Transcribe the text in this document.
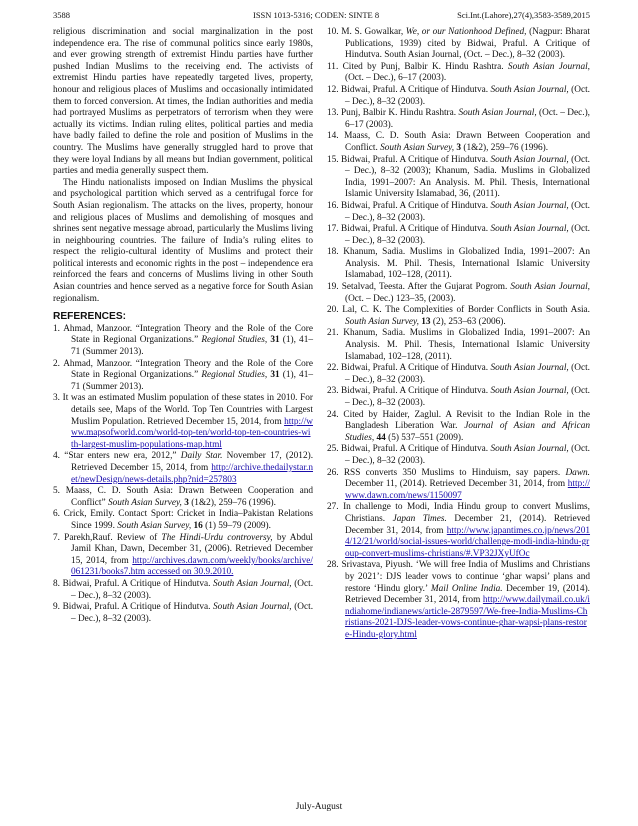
3588	ISSN 1013-5316; CODEN: SINTE 8	Sci.Int.(Lahore),27(4),3583-3589,2015

religious discrimination and social marginalization in the post independence era. The rise of communal politics since early 1980s, and ever growing strength of extremist Hindu parties have further pushed Indian Muslims to the receiving end. The activists of extremist Hindu parties have repeatedly targeted lives, property, honour and religious places of Muslims and occasionally intimidated them to forced conversion. At times, the Indian authorities and media had portrayed Muslims as perpetrators of terrorism when they were actually its victims. Indian ruling elites, political parties and media have badly failed to define the role and position of Muslims in the country. The Muslims have generally struggled hard to prove that they were loyal Indians by all means but Indian government, political parties and media generally suspect them.

The Hindu nationalists imposed on Indian Muslims the physical and psychological partition which served as a centrifugal force for South Asian regionalism. The attacks on the lives, property, honour and religious places of Muslims and demolishing of mosques and shrines sent negative message abroad, particularly the Muslims living in neighbouring countries. The failure of India’s ruling elites to respect the religio-cultural identity of Muslims and protect their political interests and economic rights in the post – independence era reinforced the fears and concerns of Muslims living in other South Asian countries and hence served as a negative force for South Asian regionalism.

REFERENCES:
1. Ahmad, Manzoor. “Integration Theory and the Role of the Core State in Regional Organizations.” Regional Studies, 31 (1), 41–71 (Summer 2013).
2. Ahmad, Manzoor. “Integration Theory and the Role of the Core State in Regional Organizations.” Regional Studies, 31 (1), 41–71 (Summer 2013).
3. It was an estimated Muslim population of these states in 2010. For details see, Maps of the World. Top Ten Countries with Largest Muslim Population. Retrieved December 15, 2014, from http://www.mapsofworld.com/world-top-ten/world-top-ten-countries-with-largest-muslim-populations-map.html
4. “Star enters new era, 2012,” Daily Star. November 17, (2012). Retrieved December 15, 2014, from http://archive.thedailystar.net/newDesign/news-details.php?nid=257803
5. Maass, C. D. South Asia: Drawn Between Cooperation and Conflict” South Asian Survey, 3 (1&2), 259–76 (1996).
6. Crick, Emily. Contact Sport: Cricket in India–Pakistan Relations Since 1999. South Asian Survey, 16 (1) 59–79 (2009).
7. Parekh,Rauf. Review of The Hindi-Urdu controversy, by Abdul Jamil Khan, Dawn, December 31, (2006). Retrieved December 15, 2014, from http://archives.dawn.com/weekly/books/archive/061231/books7.htm accessed on 30.9.2010.
8. Bidwai, Praful. A Critique of Hindutva. South Asian Journal, (Oct. – Dec.), 8–32 (2003).
9. Bidwai, Praful. A Critique of Hindutva. South Asian Journal, (Oct. – Dec.), 8–32 (2003).
10. M. S. Gowalkar, We, or our Nationhood Defined, (Nagpur: Bharat Publications, 1939) cited by Bidwai, Praful. A Critique of Hindutva. South Asian Journal, (Oct. – Dec.), 8–32 (2003).
11. Cited by Punj, Balbir K. Hindu Rashtra. South Asian Journal, (Oct. – Dec.), 6–17 (2003).
12. Bidwai, Praful. A Critique of Hindutva. South Asian Journal, (Oct. – Dec.), 8–32 (2003).
13. Punj, Balbir K. Hindu Rashtra. South Asian Journal, (Oct. – Dec.), 6–17 (2003).
14. Maass, C. D. South Asia: Drawn Between Cooperation and Conflict. South Asian Survey, 3 (1&2), 259–76 (1996).
15. Bidwai, Praful. A Critique of Hindutva. South Asian Journal, (Oct. – Dec.), 8–32 (2003); Khanum, Sadia. Muslims in Globalized India, 1991–2007: An Analysis. M. Phil. Thesis, International Islamic University Islamabad, 36, (2011).
16. Bidwai, Praful. A Critique of Hindutva. South Asian Journal, (Oct. – Dec.), 8–32 (2003).
17. Bidwai, Praful. A Critique of Hindutva. South Asian Journal, (Oct. – Dec.), 8–32 (2003).
18. Khanum, Sadia. Muslims in Globalized India, 1991–2007: An Analysis. M. Phil. Thesis, International Islamic University Islamabad, 102–128, (2011).
19. Setalvad, Teesta. After the Gujarat Pogrom. South Asian Journal, (Oct. – Dec.) 123–35, (2003).
20. Lal, C. K. The Complexities of Border Conflicts in South Asia. South Asian Survey, 13 (2), 253–63 (2006).
21. Khanum, Sadia. Muslims in Globalized India, 1991–2007: An Analysis. M. Phil. Thesis, International Islamic University Islamabad, 102–128, (2011).
22. Bidwai, Praful. A Critique of Hindutva. South Asian Journal, (Oct. – Dec.), 8–32 (2003).
23. Bidwai, Praful. A Critique of Hindutva. South Asian Journal, (Oct. – Dec.), 8–32 (2003).
24. Cited by Haider, Zaglul. A Revisit to the Indian Role in the Bangladesh Liberation War. Journal of Asian and African Studies, 44 (5) 537–551 (2009).
25. Bidwai, Praful. A Critique of Hindutva. South Asian Journal, (Oct. – Dec.), 8–32 (2003).
26. RSS converts 350 Muslims to Hinduism, say papers. Dawn. December 11, (2014). Retrieved December 31, 2014, from http://www.dawn.com/news/1150097
27. In challenge to Modi, India Hindu group to convert Muslims, Christians. Japan Times. December 21, (2014). Retrieved December 31, 2014, from http://www.japantimes.co.jp/news/2014/12/21/world/social-issues-world/challenge-modi-india-hindu-group-convert-muslims-christians/#.VP32JXyUfOc
28. Srivastava, Piyush. ‘We will free India of Muslims and Christians by 2021’: DJS leader vows to continue ‘ghar wapsi’ plans and restore ‘Hindu glory.’ Mail Online India. December 19, (2014). Retrieved December 31, 2014, from http://www.dailymail.co.uk/indiahome/indianews/article-2879597/We-free-India-Muslims-Christians-2021-DJS-leader-vows-continue-ghar-wapsi-plans-restore-Hindu-glory.html
July-August
